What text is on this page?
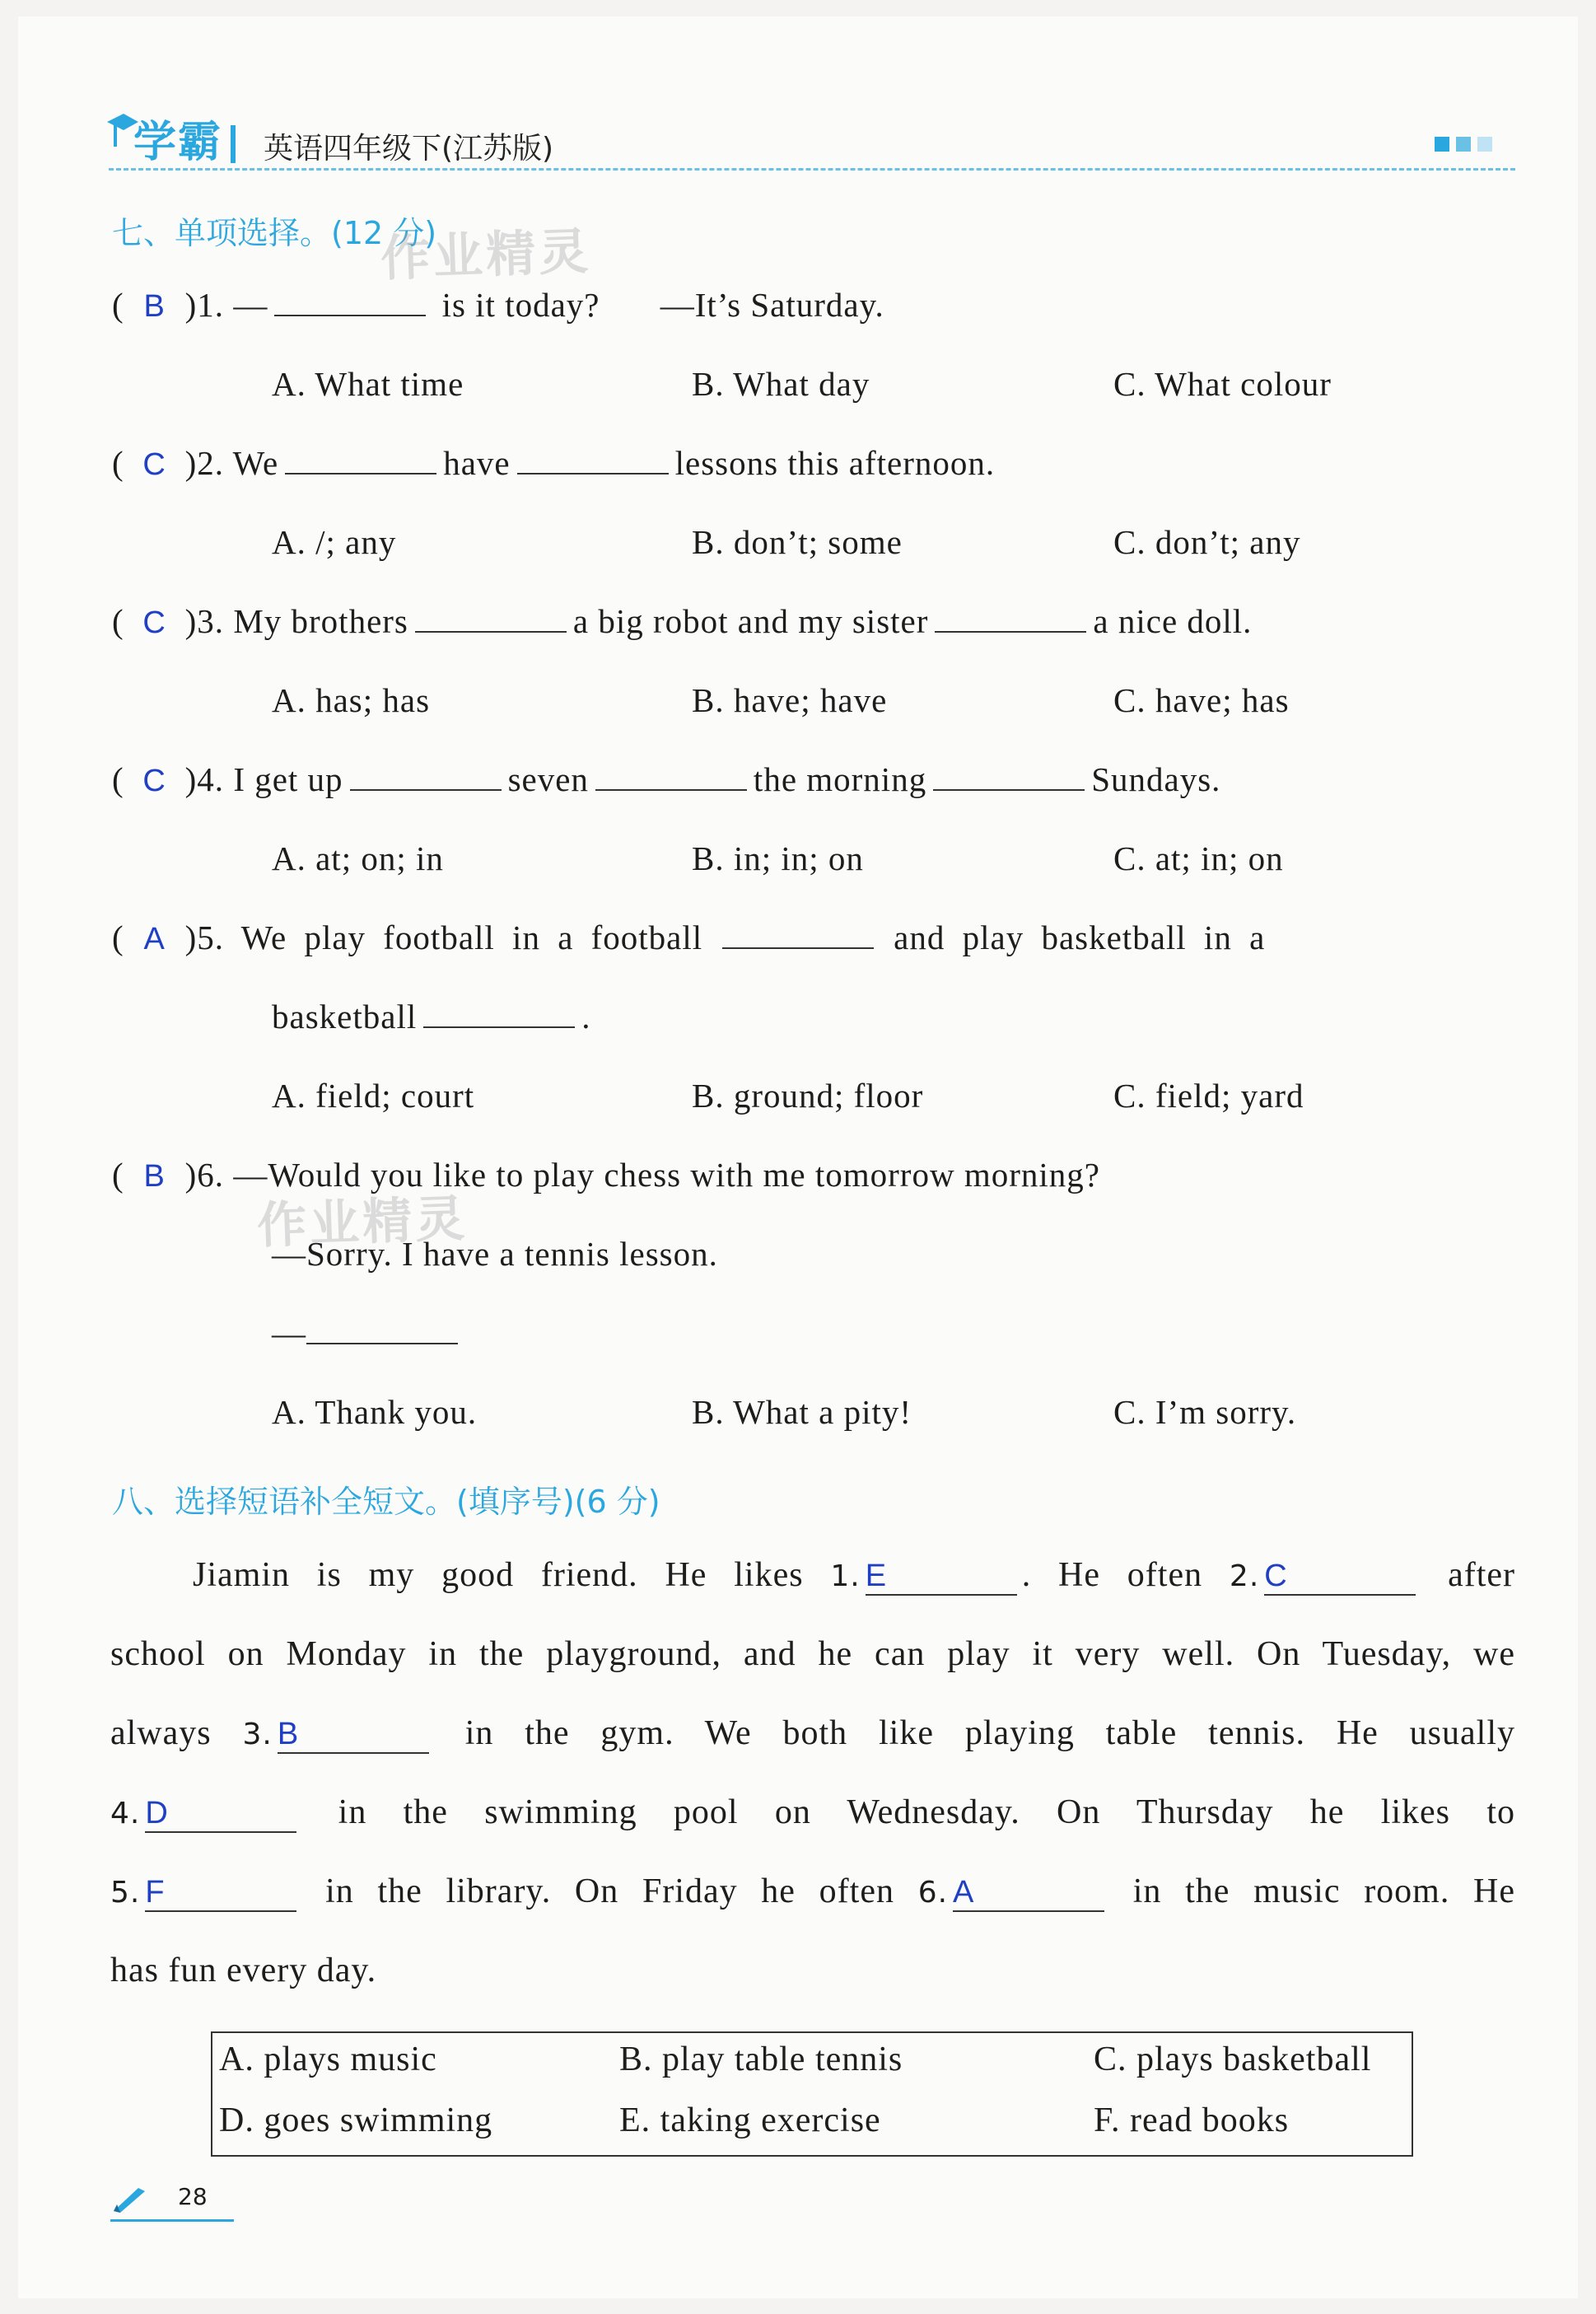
学霸 英语四年级下(江苏版)
七、单项选择。(12 分)
作业精灵
( B )1. —	is it today? —It’s Saturday.
A. What time	B. What day	C. What colour
( C )2. We	have	lessons this afternoon.
A. /; any	B. don’t; some	C. don’t; any
( C )3. My brothers	a big robot and my sister	a nice doll.
A. has; has	B. have; have	C. have; has
( C )4. I get up	seven	the morning	Sundays.
A. at; on; in	B. in; in; on	C. at; in; on
( A )5. We play football in a football	and play basketball in a
basketball	.
A. field; court	B. ground; floor	C. field; yard
( B )6. —Would you like to play chess with me tomorrow morning?
作业精灵
—Sorry. I have a tennis lesson.
—
A. Thank you.	B. What a pity!	C. I’m sorry.
八、选择短语补全短文。(填序号)(6 分)
Jiamin is my good friend. He likes 1. E	. He often 2. C	after
school on Monday in the playground, and he can play it very well. On Tuesday, we
always 3. B	in the gym. We both like playing table tennis. He usually
4. D	in the swimming pool on Wednesday. On Thursday he likes to
5. F	in the library. On Friday he often 6. A	in the music room. He
has fun every day.
A. plays music	B. play table tennis	C. plays basketball
D. goes swimming	E. taking exercise	F. read books
28
